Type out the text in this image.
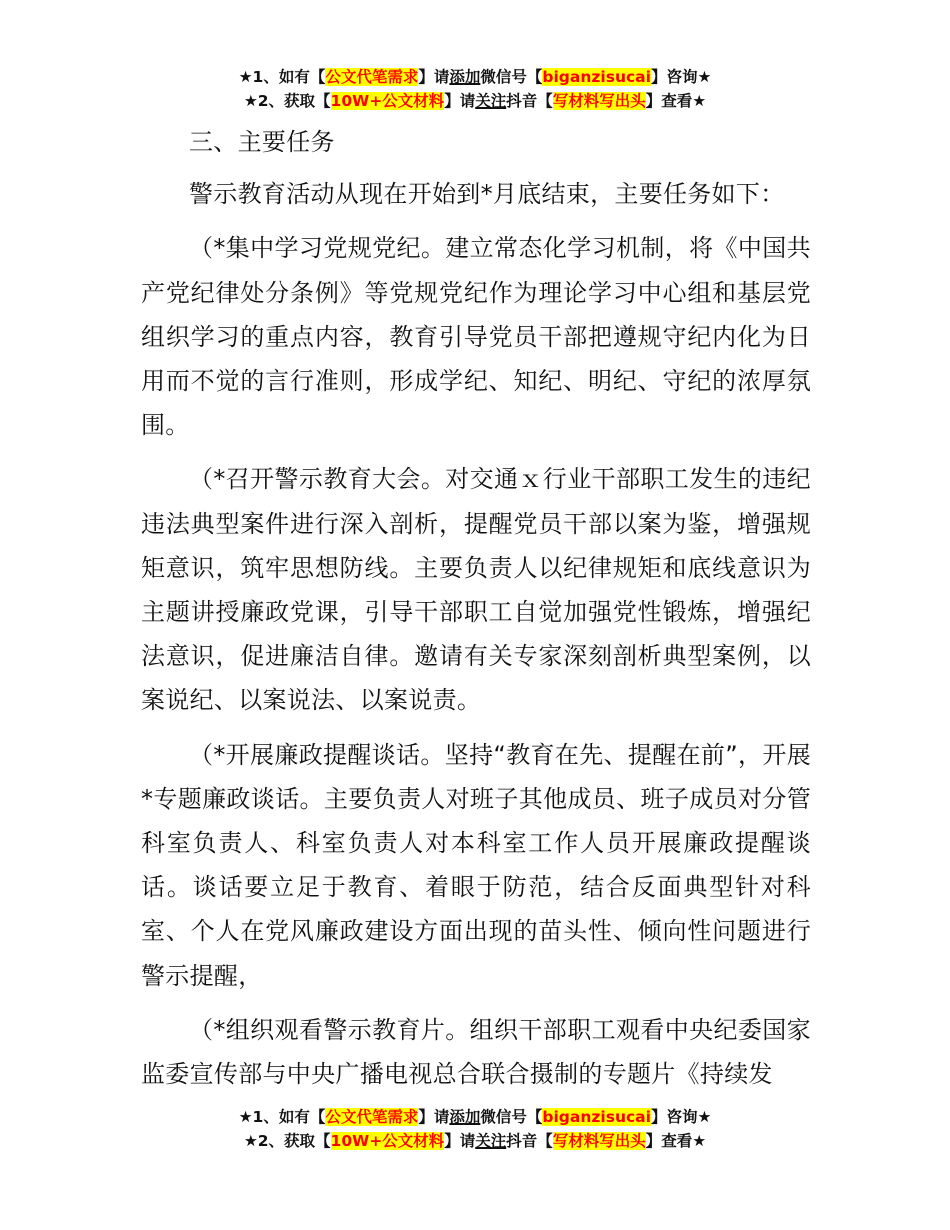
★1、如有【公文代笔需求】请添加微信号【biganzisucai】咨询★
★2、获取【10W+公文材料】请关注抖音【写材料写出头】查看★

三、主要任务

警示教育活动从现在开始到*月底结束，主要任务如下：

（*集中学习党规党纪。建立常态化学习机制，将《中国共产党纪律处分条例》等党规党纪作为理论学习中心组和基层党组织学习的重点内容，教育引导党员干部把遵规守纪内化为日用而不觉的言行准则，形成学纪、知纪、明纪、守纪的浓厚氛围。

（*召开警示教育大会。对交通ｘ行业干部职工发生的违纪违法典型案件进行深入剖析，提醒党员干部以案为鉴，增强规矩意识，筑牢思想防线。主要负责人以纪律规矩和底线意识为主题讲授廉政党课，引导干部职工自觉加强党性锻炼，增强纪法意识，促进廉洁自律。邀请有关专家深刻剖析典型案例，以案说纪、以案说法、以案说责。

（*开展廉政提醒谈话。坚持“教育在先、提醒在前”，开展*专题廉政谈话。主要负责人对班子其他成员、班子成员对分管科室负责人、科室负责人对本科室工作人员开展廉政提醒谈话。谈话要立足于教育、着眼于防范，结合反面典型针对科室、个人在党风廉政建设方面出现的苗头性、倾向性问题进行警示提醒，

（*组织观看警示教育片。组织干部职工观看中央纪委国家监委宣传部与中央广播电视总合联合摄制的专题片《持续发

★1、如有【公文代笔需求】请添加微信号【biganzisucai】咨询★
★2、获取【10W+公文材料】请关注抖音【写材料写出头】查看★
